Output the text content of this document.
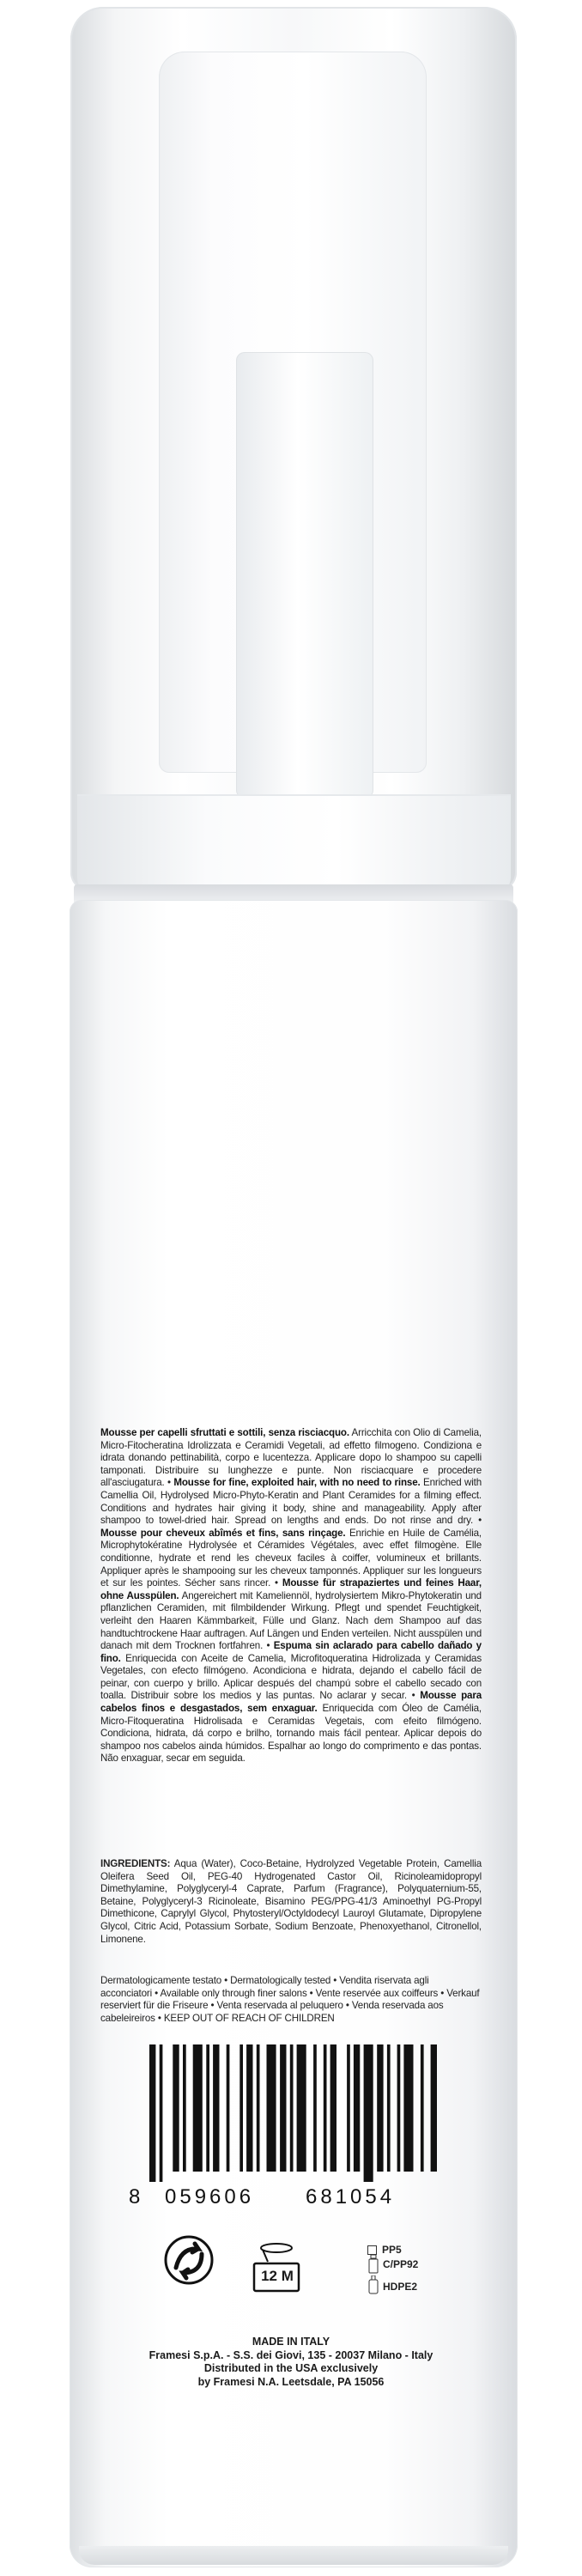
Mousse per capelli sfruttati e sottili, senza risciacquo. Arricchita con Olio di Camelia, Micro-Fitocheratina Idrolizzata e Ceramidi Vegetali, ad effetto filmogeno. Condiziona e idrata donando pettinabilità, corpo e lucentezza. Applicare dopo lo shampoo su capelli tamponati. Distribuire su lunghezze e punte. Non risciacquare e procedere all'asciugatura. • Mousse for fine, exploited hair, with no need to rinse. Enriched with Camellia Oil, Hydrolysed Micro-Phyto-Keratin and Plant Ceramides for a filming effect. Conditions and hydrates hair giving it body, shine and manageability. Apply after shampoo to towel-dried hair. Spread on lengths and ends. Do not rinse and dry. • Mousse pour cheveux abîmés et fins, sans rinçage. Enrichie en Huile de Camélia, Microphytokératine Hydrolysée et Céramides Végétales, avec effet filmogène. Elle conditionne, hydrate et rend les cheveux faciles à coiffer, volumineux et brillants. Appliquer après le shampooing sur les cheveux tamponnés. Appliquer sur les longueurs et sur les pointes. Sécher sans rincer. • Mousse für strapaziertes und feines Haar, ohne Ausspülen. Angereichert mit Kameliennöl, hydrolysiertem Mikro-Phytokeratin und pflanzlichen Ceramiden, mit filmbildender Wirkung. Pflegt und spendet Feuchtigkeit, verleiht den Haaren Kämmbarkeit, Fülle und Glanz. Nach dem Shampoo auf das handtuchtrockene Haar auftragen. Auf Längen und Enden verteilen. Nicht ausspülen und danach mit dem Trocknen fortfahren. • Espuma sin aclarado para cabello dañado y fino. Enriquecida con Aceite de Camelia, Microfitoqueratina Hidrolizada y Ceramidas Vegetales, con efecto filmógeno. Acondiciona e hidrata, dejando el cabello fácil de peinar, con cuerpo y brillo. Aplicar después del champú sobre el cabello secado con toalla. Distribuir sobre los medios y las puntas. No aclarar y secar. • Mousse para cabelos finos e desgastados, sem enxaguar. Enriquecida com Óleo de Camélia, Micro-Fitoqueratina Hidrolisada e Ceramidas Vegetais, com efeito filmógeno. Condiciona, hidrata, dá corpo e brilho, tornando mais fácil pentear. Aplicar depois do shampoo nos cabelos ainda húmidos. Espalhar ao longo do comprimento e das pontas. Não enxaguar, secar em seguida.
INGREDIENTS: Aqua (Water), Coco-Betaine, Hydrolyzed Vegetable Protein, Camellia Oleifera Seed Oil, PEG-40 Hydrogenated Castor Oil, Ricinoleamidopropyl Dimethylamine, Polyglyceryl-4 Caprate, Parfum (Fragrance), Polyquaternium-55, Betaine, Polyglyceryl-3 Ricinoleate, Bisamino PEG/PPG-41/3 Aminoethyl PG-Propyl Dimethicone, Caprylyl Glycol, Phytosteryl/Octyldodecyl Lauroyl Glutamate, Dipropylene Glycol, Citric Acid, Potassium Sorbate, Sodium Benzoate, Phenoxyethanol, Citronellol, Limonene.
Dermatologicamente testato • Dermatologically tested • Vendita riservata agli acconciatori • Available only through finer salons • Vente reservée aux coiffeurs • Verkauf reserviert für die Friseure • Venta reservada al peluquero • Venda reservada aos cabeleireiros • KEEP OUT OF REACH OF CHILDREN
8 059606 681054
12 M
PP5
C/PP92
HDPE2
MADE IN ITALY
Framesi S.p.A. - S.S. dei Giovi, 135 - 20037 Milano - Italy
Distributed in the USA exclusively
by Framesi N.A. Leetsdale, PA 15056
